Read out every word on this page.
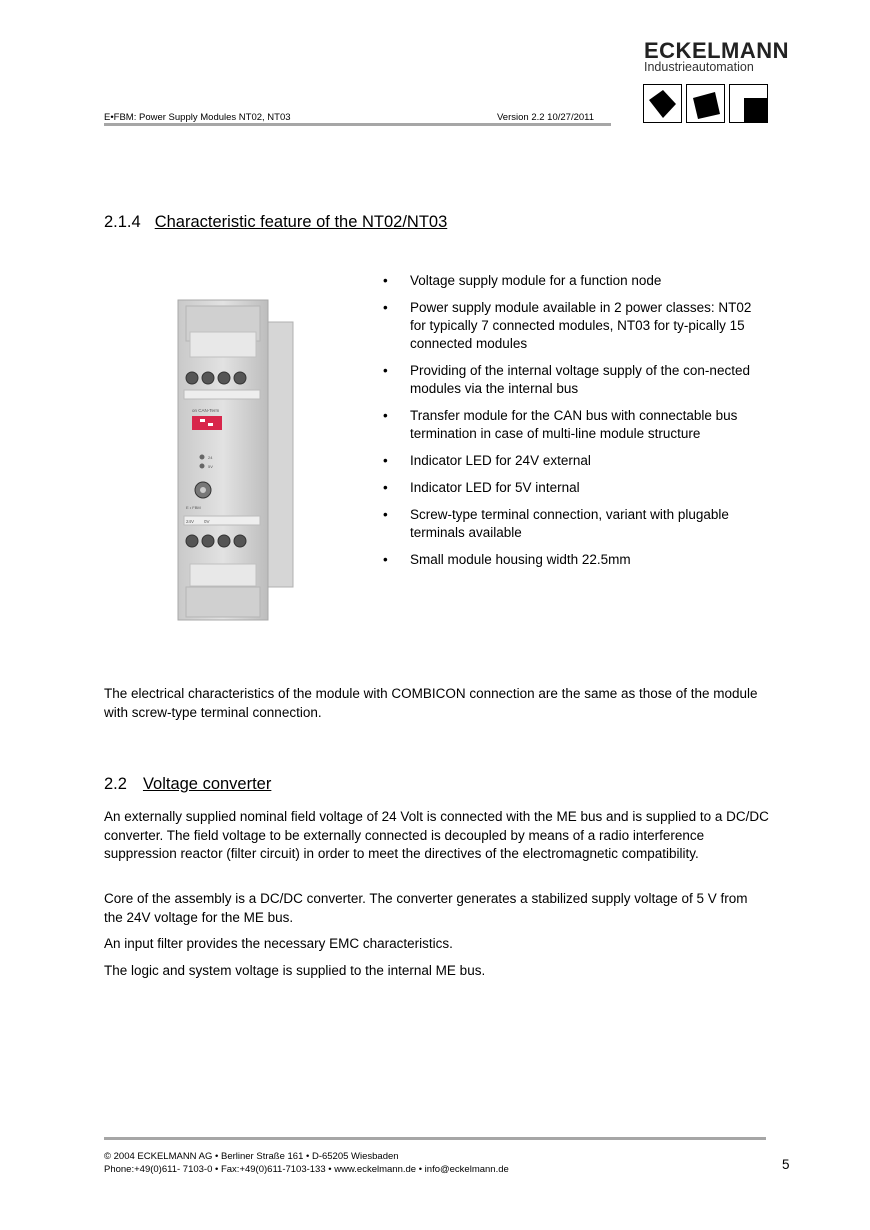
E•FBM: Power Supply Modules NT02, NT03	Version 2.2 10/27/2011
ECKELMANN
Industrieautomation
2.1.4 Characteristic feature of the NT02/NT03
on CAN-Term
24
5V
E • FBM
24V 0V
• Voltage supply module for a function node
• Power supply module available in 2 power classes: NT02 for typically 7 connected modules, NT03 for ty-pically 15 connected modules
• Providing of the internal voltage supply of the con-nected modules via the internal bus
• Transfer module for the CAN bus with connectable bus termination in case of multi-line module structure
• Indicator LED for 24V external
• Indicator LED for 5V internal
• Screw-type terminal connection, variant with plugable terminals available
• Small module housing width 22.5mm

The electrical characteristics of the module with COMBICON connection are the same as those of the module with screw-type terminal connection.

2.2 Voltage converter

An externally supplied nominal field voltage of 24 Volt is connected with the ME bus and is supplied to a DC/DC converter. The field voltage to be externally connected is decoupled by means of a radio interference suppression reactor (filter circuit) in order to meet the directives of the electromagnetic compatibility.

Core of the assembly is a DC/DC converter. The converter generates a stabilized supply voltage of 5 V from the 24V voltage for the ME bus.

An input filter provides the necessary EMC characteristics.

The logic and system voltage is supplied to the internal ME bus.

© 2004 ECKELMANN AG • Berliner Straße 161 • D-65205 Wiesbaden
Phone:+49(0)611- 7103-0 • Fax:+49(0)611-7103-133 • www.eckelmann.de • info@eckelmann.de	5
